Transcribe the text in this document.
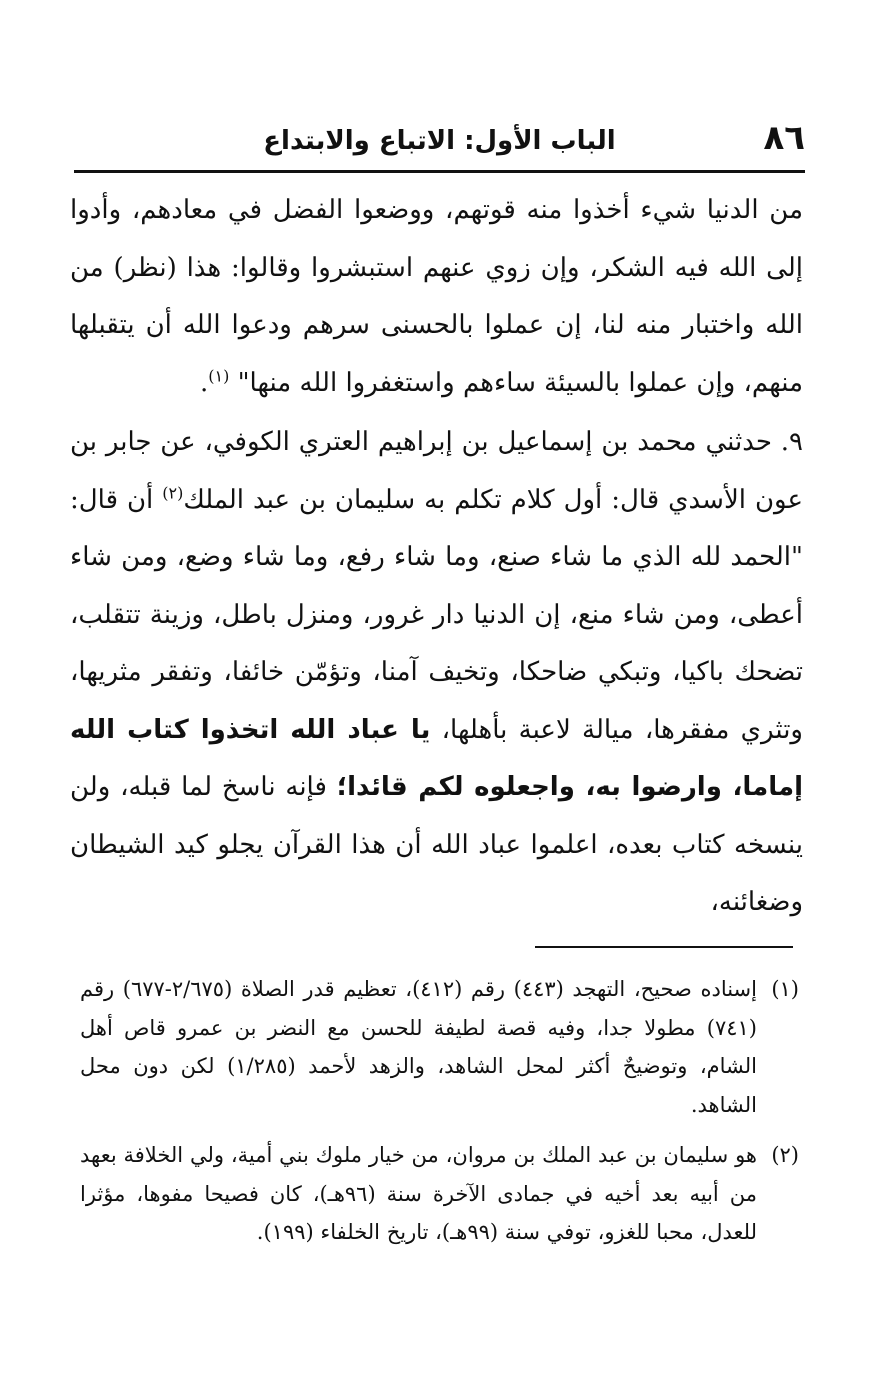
٨٦
الباب الأول: الاتباع والابتداع

من الدنيا شيء أخذوا منه قوتهم، ووضعوا الفضل في معادهم، وأدوا إلى الله فيه الشكر، وإن زوي عنهم استبشروا وقالوا: هذا (نظر) من الله واختبار منه لنا، إن عملوا بالحسنى سرهم ودعوا الله أن يتقبلها منهم، وإن عملوا بالسيئة ساءهم واستغفروا الله منها" $^{(١)}$.

٩. حدثني محمد بن إسماعيل بن إبراهيم العتري الكوفي، عن جابر بن عون الأسدي قال: أول كلام تكلم به سليمان بن عبد الملك$^{(٢)}$ أن قال: "الحمد لله الذي ما شاء صنع، وما شاء رفع، وما شاء وضع، ومن شاء أعطى، ومن شاء منع، إن الدنيا دار غرور، ومنزل باطل، وزينة تتقلب، تضحك باكيا، وتبكي ضاحكا، وتخيف آمنا، وتؤمّن خائفا، وتفقر مثريها، وتثري مفقرها، ميالة لاعبة بأهلها، يا عباد الله اتخذوا كتاب الله إماما، وارضوا به، واجعلوه لكم قائدا؛ فإنه ناسخ لما قبله، ولن ينسخه كتاب بعده، اعلموا عباد الله أن هذا القرآن يجلو كيد الشيطان وضغائنه،

(١)إسناده صحيح، التهجد (٤٤٣) رقم (٤١٢)، تعظيم قدر الصلاة (٢/٦٧٥-٦٧٧) رقم (٧٤١) مطولا جدا، وفيه قصة لطيفة للحسن مع النضر بن عمرو قاص أهل الشام، وتوضيحٌ أكثر لمحل الشاهد، والزهد لأحمد (١/٢٨٥) لكن دون محل الشاهد.

(٢)هو سليمان بن عبد الملك بن مروان، من خيار ملوك بني أمية، ولي الخلافة بعهد من أبيه بعد أخيه في جمادى الآخرة سنة (٩٦هـ)، كان فصيحا مفوها، مؤثرا للعدل، محبا للغزو، توفي سنة (٩٩هـ)، تاريخ الخلفاء (١٩٩).
